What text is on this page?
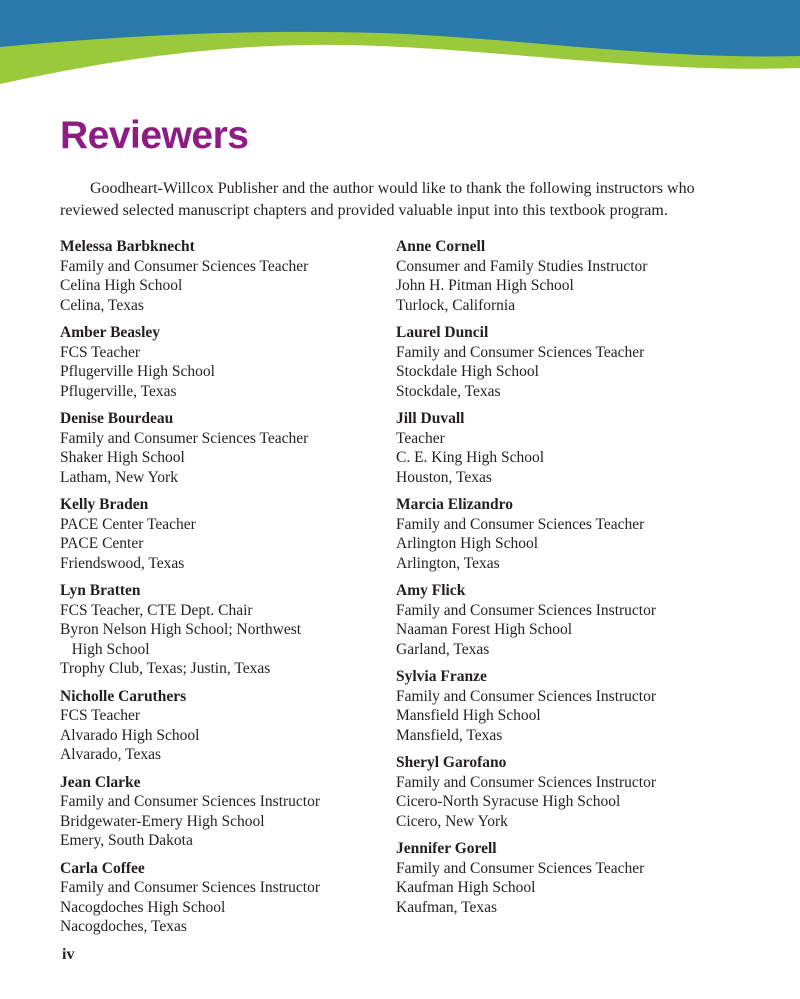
Reviewers

Goodheart-Willcox Publisher and the author would like to thank the following instructors who reviewed selected manuscript chapters and provided valuable input into this textbook program.

Melessa Barbknecht
Family and Consumer Sciences Teacher
Celina High School
Celina, Texas
Amber Beasley
FCS Teacher
Pflugerville High School
Pflugerville, Texas
Denise Bourdeau
Family and Consumer Sciences Teacher
Shaker High School
Latham, New York
Kelly Braden
PACE Center Teacher
PACE Center
Friendswood, Texas
Lyn Bratten
FCS Teacher, CTE Dept. Chair
Byron Nelson High School; Northwest
High School
Trophy Club, Texas; Justin, Texas
Nicholle Caruthers
FCS Teacher
Alvarado High School
Alvarado, Texas
Jean Clarke
Family and Consumer Sciences Instructor
Bridgewater-Emery High School
Emery, South Dakota
Carla Coffee
Family and Consumer Sciences Instructor
Nacogdoches High School
Nacogdoches, Texas
Anne Cornell
Consumer and Family Studies Instructor
John H. Pitman High School
Turlock, California
Laurel Duncil
Family and Consumer Sciences Teacher
Stockdale High School
Stockdale, Texas
Jill Duvall
Teacher
C. E. King High School
Houston, Texas
Marcia Elizandro
Family and Consumer Sciences Teacher
Arlington High School
Arlington, Texas
Amy Flick
Family and Consumer Sciences Instructor
Naaman Forest High School
Garland, Texas
Sylvia Franze
Family and Consumer Sciences Instructor
Mansfield High School
Mansfield, Texas
Sheryl Garofano
Family and Consumer Sciences Instructor
Cicero-North Syracuse High School
Cicero, New York
Jennifer Gorell
Family and Consumer Sciences Teacher
Kaufman High School
Kaufman, Texas
iv
